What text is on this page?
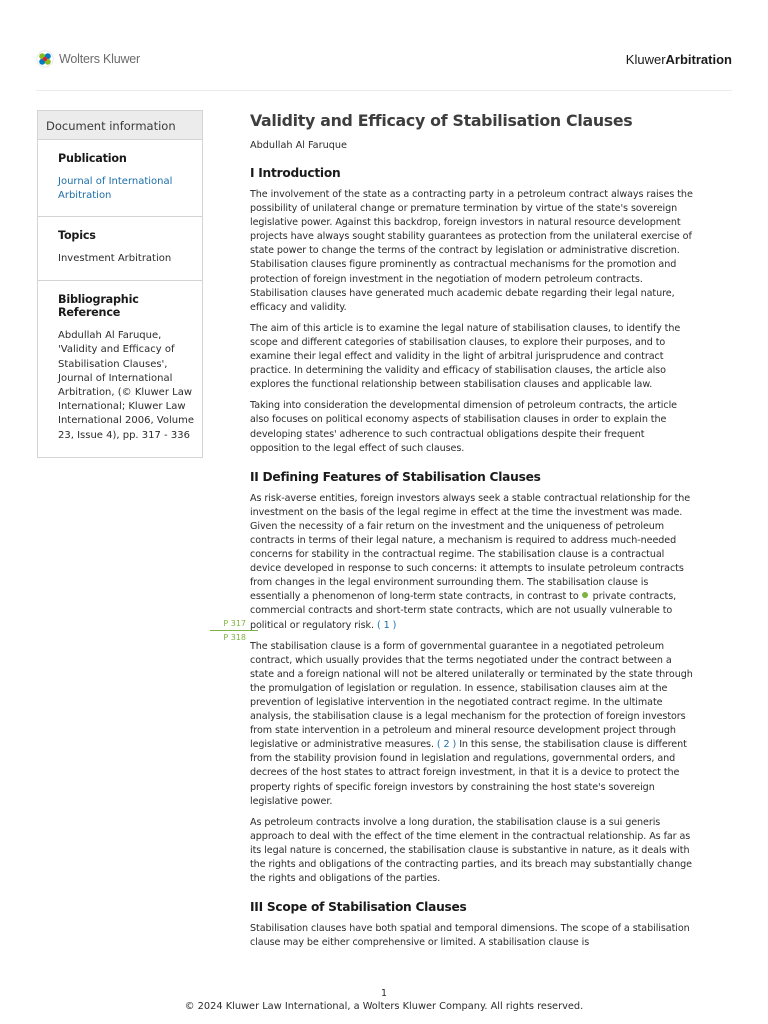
Wolters Kluwer	KluwerArbitration
Document information
Publication
Journal of International Arbitration
Topics
Investment Arbitration
Bibliographic Reference
Abdullah Al Faruque, 'Validity and Efficacy of Stabilisation Clauses', Journal of International Arbitration, (© Kluwer Law International; Kluwer Law International 2006, Volume 23, Issue 4), pp. 317 - 336
P 317
P 318
Validity and Efficacy of Stabilisation Clauses
Abdullah Al Faruque
I Introduction

The involvement of the state as a contracting party in a petroleum contract always raises the possibility of unilateral change or premature termination by virtue of the state's sovereign legislative power. Against this backdrop, foreign investors in natural resource development projects have always sought stability guarantees as protection from the unilateral exercise of state power to change the terms of the contract by legislation or administrative discretion. Stabilisation clauses figure prominently as contractual mechanisms for the promotion and protection of foreign investment in the negotiation of modern petroleum contracts. Stabilisation clauses have generated much academic debate regarding their legal nature, efficacy and validity.

The aim of this article is to examine the legal nature of stabilisation clauses, to identify the scope and different categories of stabilisation clauses, to explore their purposes, and to examine their legal effect and validity in the light of arbitral jurisprudence and contract practice. In determining the validity and efficacy of stabilisation clauses, the article also explores the functional relationship between stabilisation clauses and applicable law.

Taking into consideration the developmental dimension of petroleum contracts, the article also focuses on political economy aspects of stabilisation clauses in order to explain the developing states' adherence to such contractual obligations despite their frequent opposition to the legal effect of such clauses.

II Defining Features of Stabilisation Clauses

As risk-averse entities, foreign investors always seek a stable contractual relationship for the investment on the basis of the legal regime in effect at the time the investment was made. Given the necessity of a fair return on the investment and the uniqueness of petroleum contracts in terms of their legal nature, a mechanism is required to address much-needed concerns for stability in the contractual regime. The stabilisation clause is a contractual device developed in response to such concerns: it attempts to insulate petroleum contracts from changes in the legal environment surrounding them. The stabilisation clause is essentially a phenomenon of long-term state contracts, in contrast to private contracts, commercial contracts and short-term state contracts, which are not usually vulnerable to political or regulatory risk. ( 1 )

The stabilisation clause is a form of governmental guarantee in a negotiated petroleum contract, which usually provides that the terms negotiated under the contract between a state and a foreign national will not be altered unilaterally or terminated by the state through the promulgation of legislation or regulation. In essence, stabilisation clauses aim at the prevention of legislative intervention in the negotiated contract regime. In the ultimate analysis, the stabilisation clause is a legal mechanism for the protection of foreign investors from state intervention in a petroleum and mineral resource development project through legislative or administrative measures. ( 2 ) In this sense, the stabilisation clause is different from the stability provision found in legislation and regulations, governmental orders, and decrees of the host states to attract foreign investment, in that it is a device to protect the property rights of specific foreign investors by constraining the host state's sovereign legislative power.

As petroleum contracts involve a long duration, the stabilisation clause is a sui generis approach to deal with the effect of the time element in the contractual relationship. As far as its legal nature is concerned, the stabilisation clause is substantive in nature, as it deals with the rights and obligations of the contracting parties, and its breach may substantially change the rights and obligations of the parties.

III Scope of Stabilisation Clauses

Stabilisation clauses have both spatial and temporal dimensions. The scope of a stabilisation clause may be either comprehensive or limited. A stabilisation clause is

1
© 2024 Kluwer Law International, a Wolters Kluwer Company. All rights reserved.
